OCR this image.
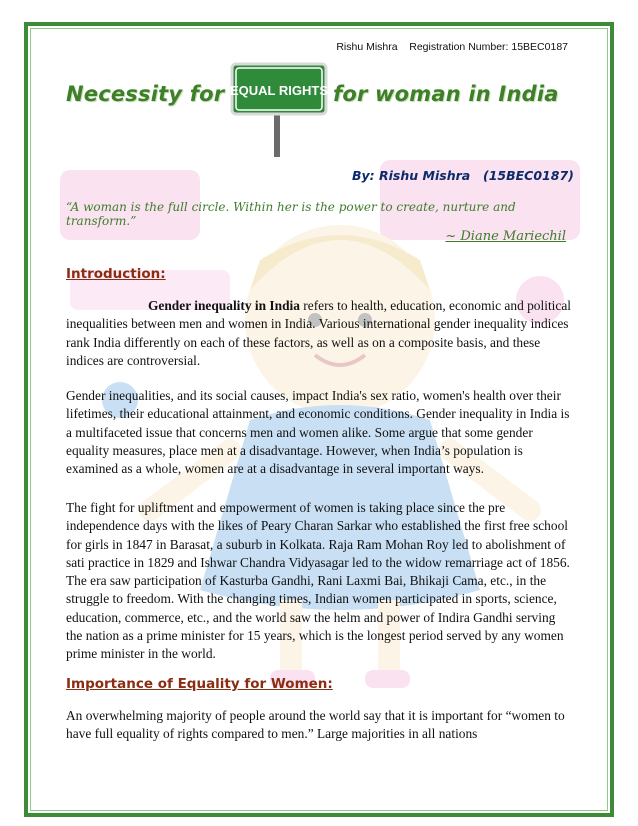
Rishu Mishra    Registration Number: 15BEC0187
Necessity for EQUAL RIGHTS for woman in India
By: Rishu Mishra (15BEC0187)
“A woman is the full circle. Within her is the power to create, nurture and transform.”
~ Diane Mariechil
Introduction:
Gender inequality in India refers to health, education, economic and political inequalities between men and women in India. Various international gender inequality indices rank India differently on each of these factors, as well as on a composite basis, and these indices are controversial.
Gender inequalities, and its social causes, impact India's sex ratio, women's health over their lifetimes, their educational attainment, and economic conditions. Gender inequality in India is a multifaceted issue that concerns men and women alike. Some argue that some gender equality measures, place men at a disadvantage. However, when India’s population is examined as a whole, women are at a disadvantage in several important ways.
The fight for upliftment and empowerment of women is taking place since the pre independence days with the likes of Peary Charan Sarkar who established the first free school for girls in 1847 in Barasat, a suburb in Kolkata. Raja Ram Mohan Roy led to abolishment of sati practice in 1829 and Ishwar Chandra Vidyasagar led to the widow remarriage act of 1856. The era saw participation of Kasturba Gandhi, Rani Laxmi Bai, Bhikaji Cama, etc., in the struggle to freedom. With the changing times, Indian women participated in sports, science, education, commerce, etc., and the world saw the helm and power of Indira Gandhi serving the nation as a prime minister for 15 years, which is the longest period served by any women prime minister in the world.
Importance of Equality for Women:
An overwhelming majority of people around the world say that it is important for “women to have full equality of rights compared to men.” Large majorities in all nations
